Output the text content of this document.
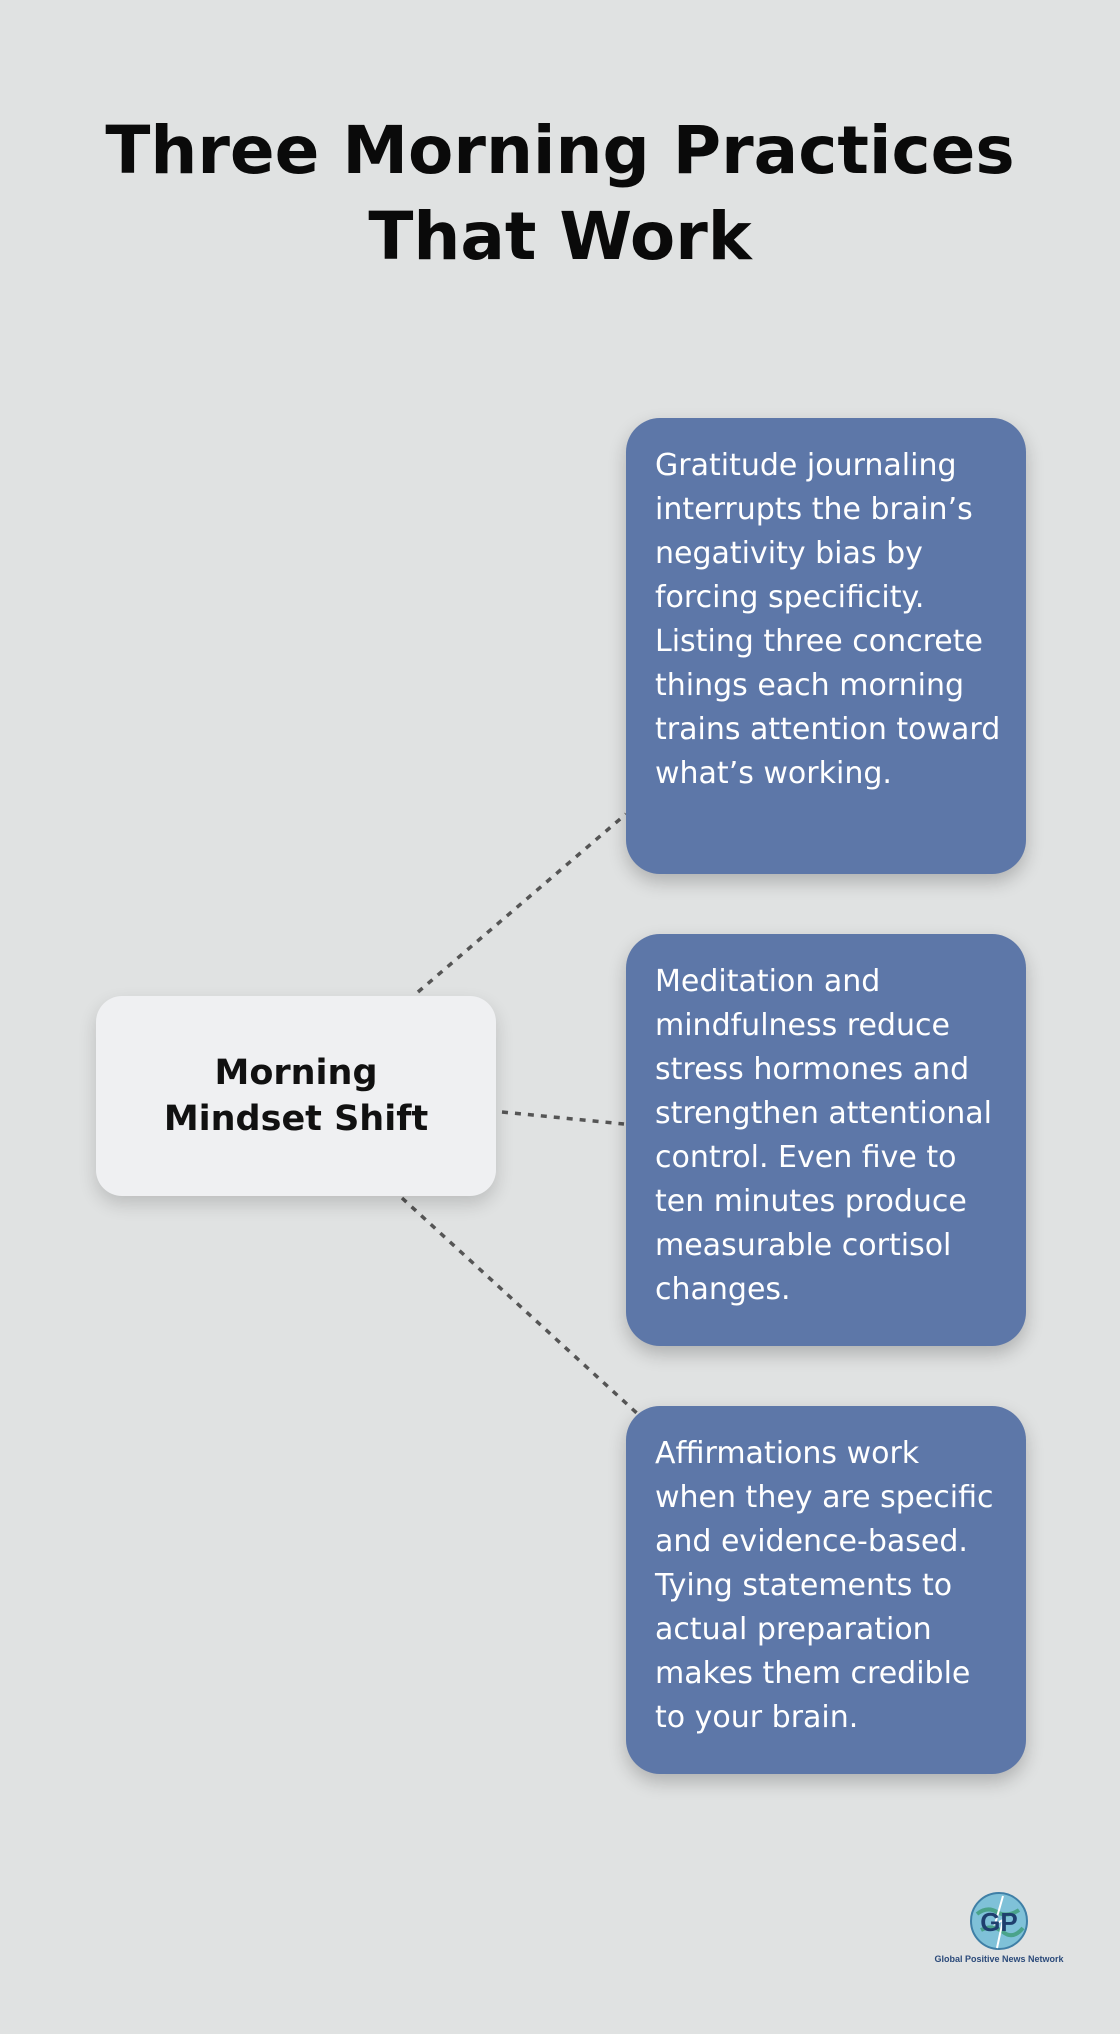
Three Morning Practices That Work
Morning Mindset Shift
Gratitude journaling interrupts the brain’s negativity bias by forcing specificity. Listing three concrete things each morning trains attention toward what’s working.
Meditation and mindfulness reduce stress hormones and strengthen attentional control. Even five to ten minutes produce measurable cortisol changes.
Affirmations work when they are specific and evidence-based. Tying statements to actual preparation makes them credible to your brain.
GP
Global Positive News Network
